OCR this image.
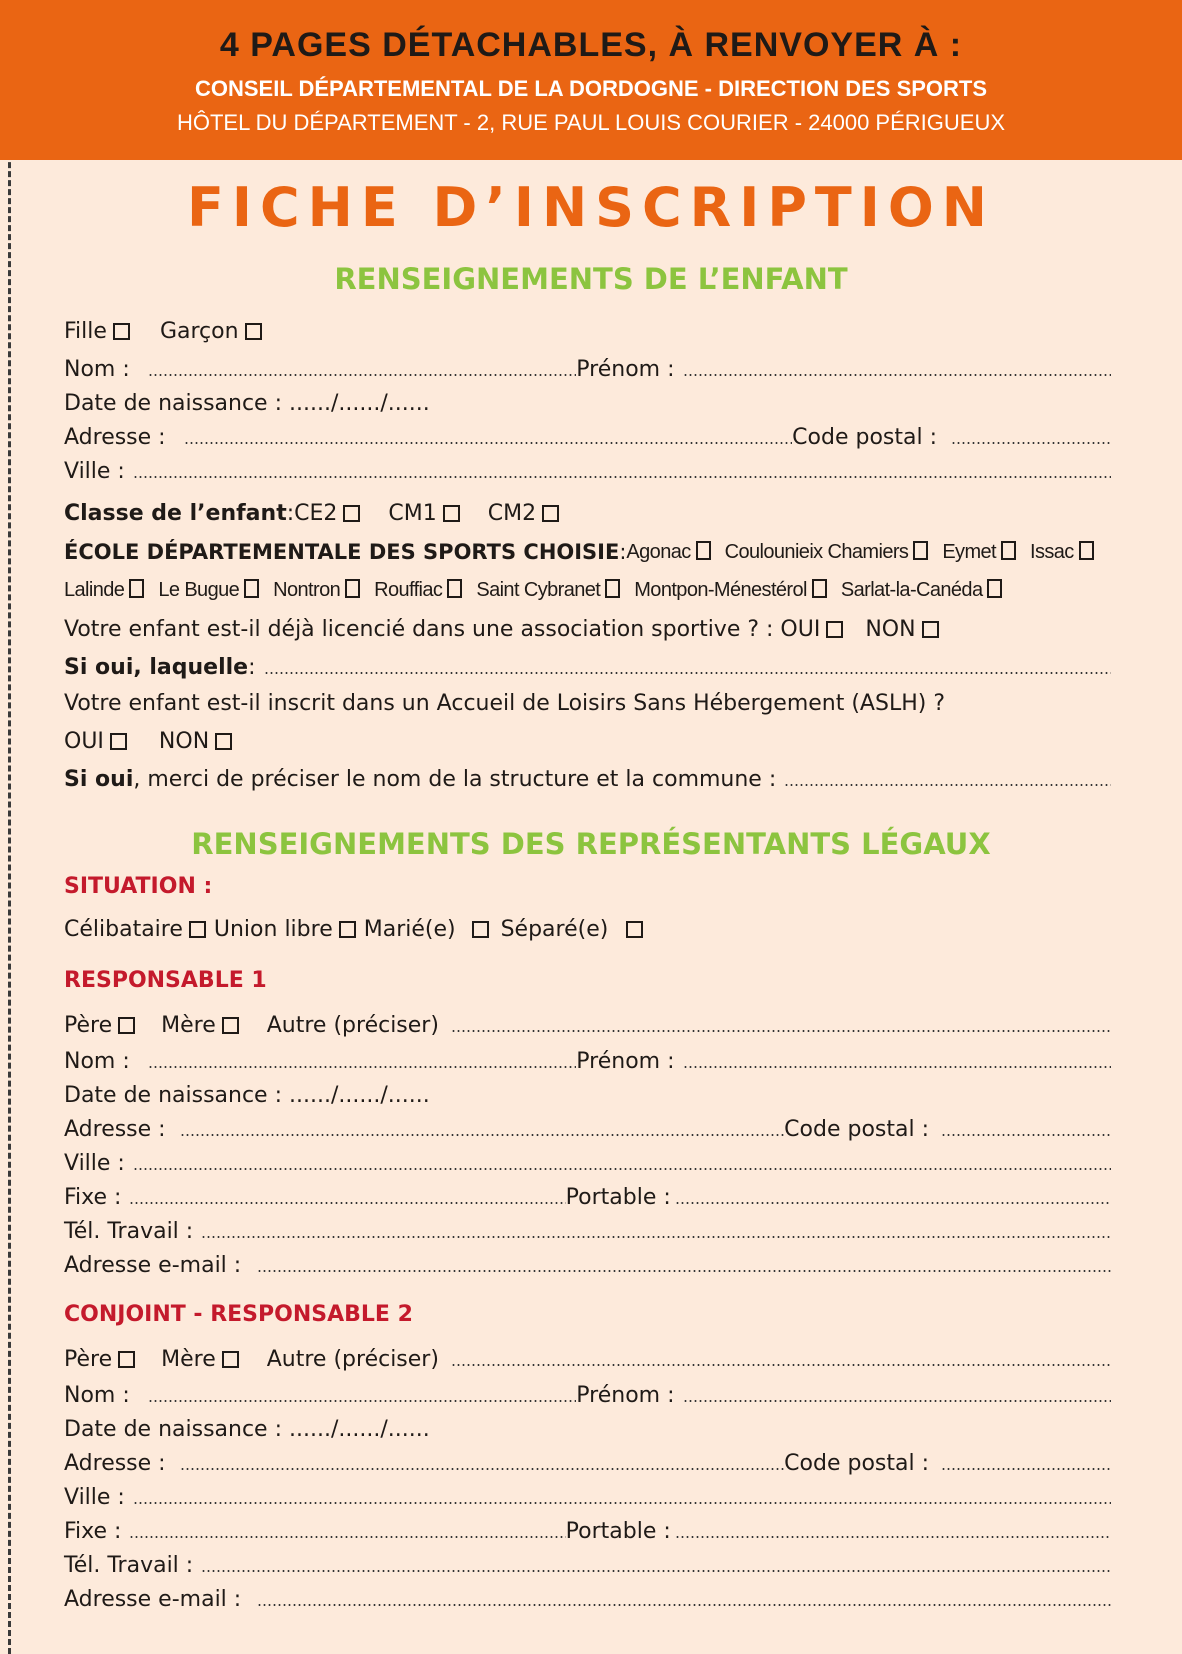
4 PAGES DÉTACHABLES, À RENVOYER À :
CONSEIL DÉPARTEMENTAL DE LA DORDOGNE - DIRECTION DES SPORTS
HÔTEL DU DÉPARTEMENT - 2, RUE PAUL LOUIS COURIER - 24000 PÉRIGUEUX
FICHE D’INSCRIPTION
RENSEIGNEMENTS DE L’ENFANT
Fille Garçon
Nom :	Prénom :
Date de naissance : ....../....../......
Adresse :	Code postal :
Ville :
Classe de l’enfant : CE2 CM1 CM2
ÉCOLE DÉPARTEMENTALE DES SPORTS CHOISIE : Agonac Coulounieix Chamiers Eymet Issac
Lalinde Le Bugue Nontron Rouffiac Saint Cybranet Montpon-Ménestérol Sarlat-la-Canéda
Votre enfant est-il déjà licencié dans une association sportive ? : OUI NON
Si oui, laquelle :
Votre enfant est-il inscrit dans un Accueil de Loisirs Sans Hébergement (ASLH) ?
OUI	NON
Si oui , merci de préciser le nom de la structure et la commune :
RENSEIGNEMENTS DES REPRÉSENTANTS LÉGAUX
SITUATION :
Célibataire Union libre Marié(e) Séparé(e)
RESPONSABLE 1
Père Mère Autre (préciser)
Nom :	Prénom :
Date de naissance : ....../....../......
Adresse :	Code postal :
Ville :
Fixe :	Portable :
Tél. Travail :
Adresse e-mail :
CONJOINT - RESPONSABLE 2
Père Mère Autre (préciser)
Nom :	Prénom :
Date de naissance : ....../....../......
Adresse :	Code postal :
Ville :
Fixe :	Portable :
Tél. Travail :
Adresse e-mail :
